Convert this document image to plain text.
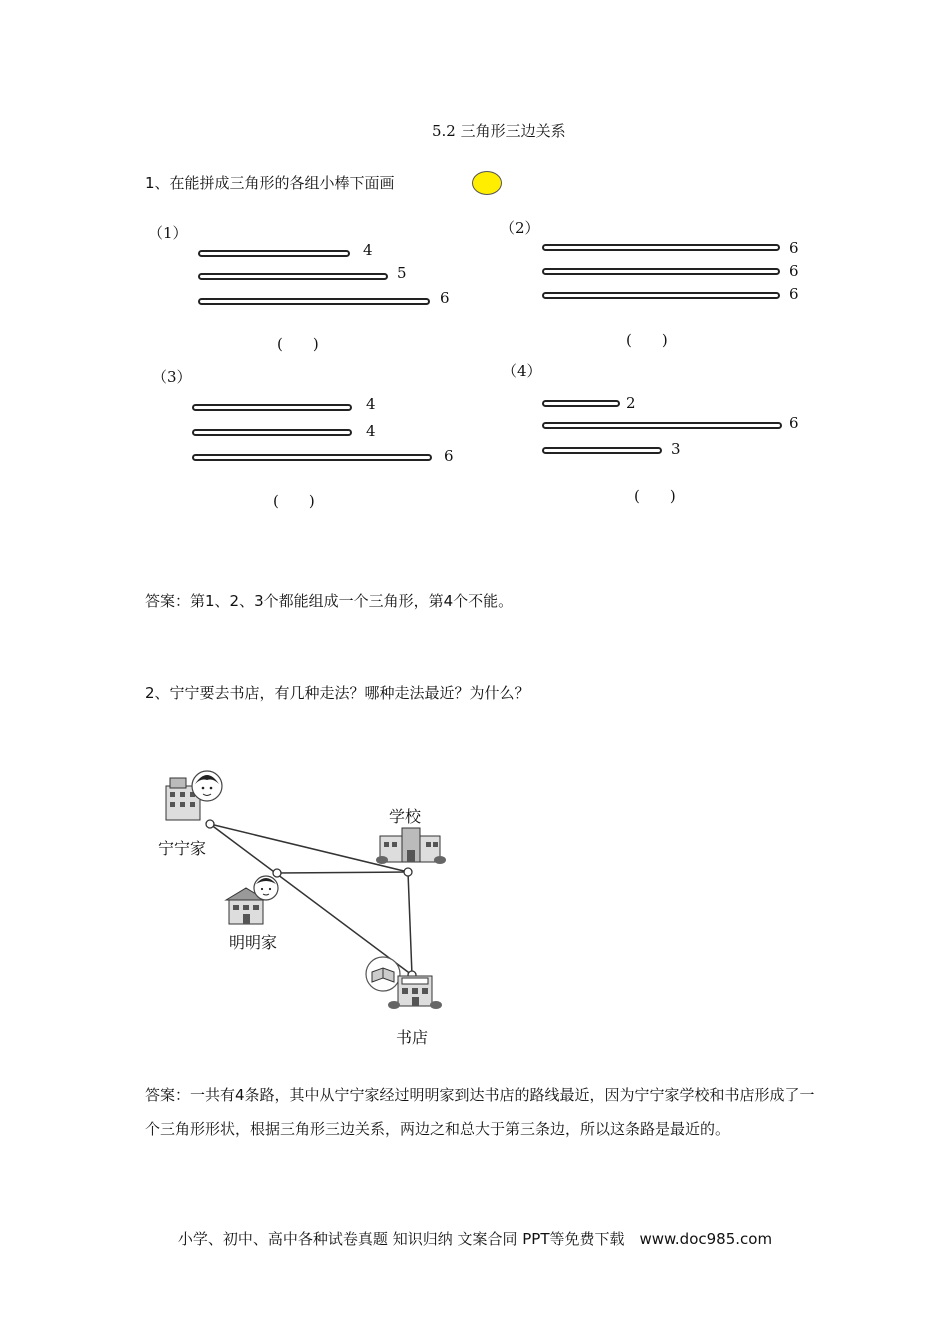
5.2 三角形三边关系
1、在能拼成三角形的各组小棒下面画
（1）
4
5
6
(　　)
（2）
6
6
6
(　　)
（3）
4
4
6
(　　)
（4）
2
6
3
(　　)
答案：第1、2、3个都能组成一个三角形，第4个不能。
2、宁宁要去书店，有几种走法？哪种走法最近？为什么？
宁宁家
学校
明明家
书店
答案：一共有4条路，其中从宁宁家经过明明家到达书店的路线最近，因为宁宁家学校和书店形成了一个三角形形状，根据三角形三边关系，两边之和总大于第三条边，所以这条路是最近的。
小学、初中、高中各种试卷真题 知识归纳 文案合同 PPT等免费下载　www.doc985.com
